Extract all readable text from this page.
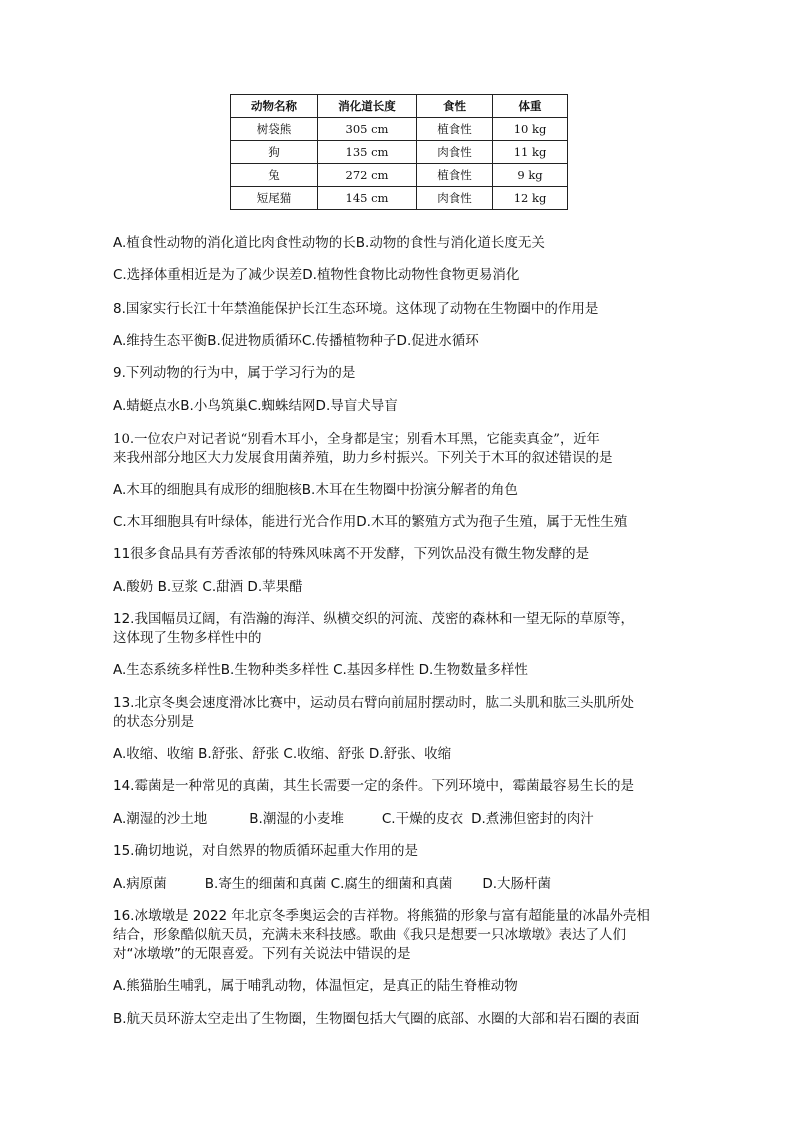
动物名称	消化道长度	食性	体重
树袋熊	305 cm	植食性	10 kg
狗	135 cm	肉食性	11 kg
兔	272 cm	植食性	9 kg
短尾猫	145 cm	肉食性	12 kg
A.植食性动物的消化道比肉食性动物的长B.动物的食性与消化道长度无关
C.选择体重相近是为了减少误差D.植物性食物比动物性食物更易消化
8.国家实行长江十年禁渔能保护长江生态环境。这体现了动物在生物圈中的作用是
A.维持生态平衡B.促进物质循环C.传播植物种子D.促进水循环
9.下列动物的行为中，属于学习行为的是
A.蜻蜓点水B.小鸟筑巢C.蜘蛛结网D.导盲犬导盲
10.一位农户对记者说“别看木耳小，全身都是宝；别看木耳黑，它能卖真金”，近年
来我州部分地区大力发展食用菌养殖，助力乡村振兴。下列关于木耳的叙述错误的是
A.木耳的细胞具有成形的细胞核B.木耳在生物圈中扮演分解者的角色
C.木耳细胞具有叶绿体，能进行光合作用D.木耳的繁殖方式为孢子生殖，属于无性生殖
11很多食品具有芳香浓郁的特殊风味离不开发酵，下列饮品没有微生物发酵的是
A.酸奶 B.豆浆 C.甜酒 D.苹果醋
12.我国幅员辽阔，有浩瀚的海洋、纵横交织的河流、茂密的森林和一望无际的草原等，
这体现了生物多样性中的
A.生态系统多样性B.生物种类多样性 C.基因多样性 D.生物数量多样性
13.北京冬奥会速度滑冰比赛中，运动员右臂向前屈肘摆动时，肱二头肌和肱三头肌所处
的状态分别是
A.收缩、收缩 B.舒张、舒张 C.收缩、舒张 D.舒张、收缩
14.霉菌是一种常见的真菌，其生长需要一定的条件。下列环境中，霉菌最容易生长的是
A.潮湿的沙土地	B.潮湿的小麦堆	C.干燥的皮衣 D.煮沸但密封的肉汁
15.确切地说，对自然界的物质循环起重大作用的是
A.病原菌	B.寄生的细菌和真菌 C.腐生的细菌和真菌 D.大肠杆菌
16.冰墩墩是 2022 年北京冬季奥运会的吉祥物。将熊猫的形象与富有超能量的冰晶外壳相
结合，形象酷似航天员，充满未来科技感。歌曲《我只是想要一只冰墩墩》表达了人们
对“冰墩墩”的无限喜爱。下列有关说法中错误的是
A.熊猫胎生哺乳，属于哺乳动物，体温恒定，是真正的陆生脊椎动物
B.航天员环游太空走出了生物圈，生物圈包括大气圈的底部、水圈的大部和岩石圈的表面
